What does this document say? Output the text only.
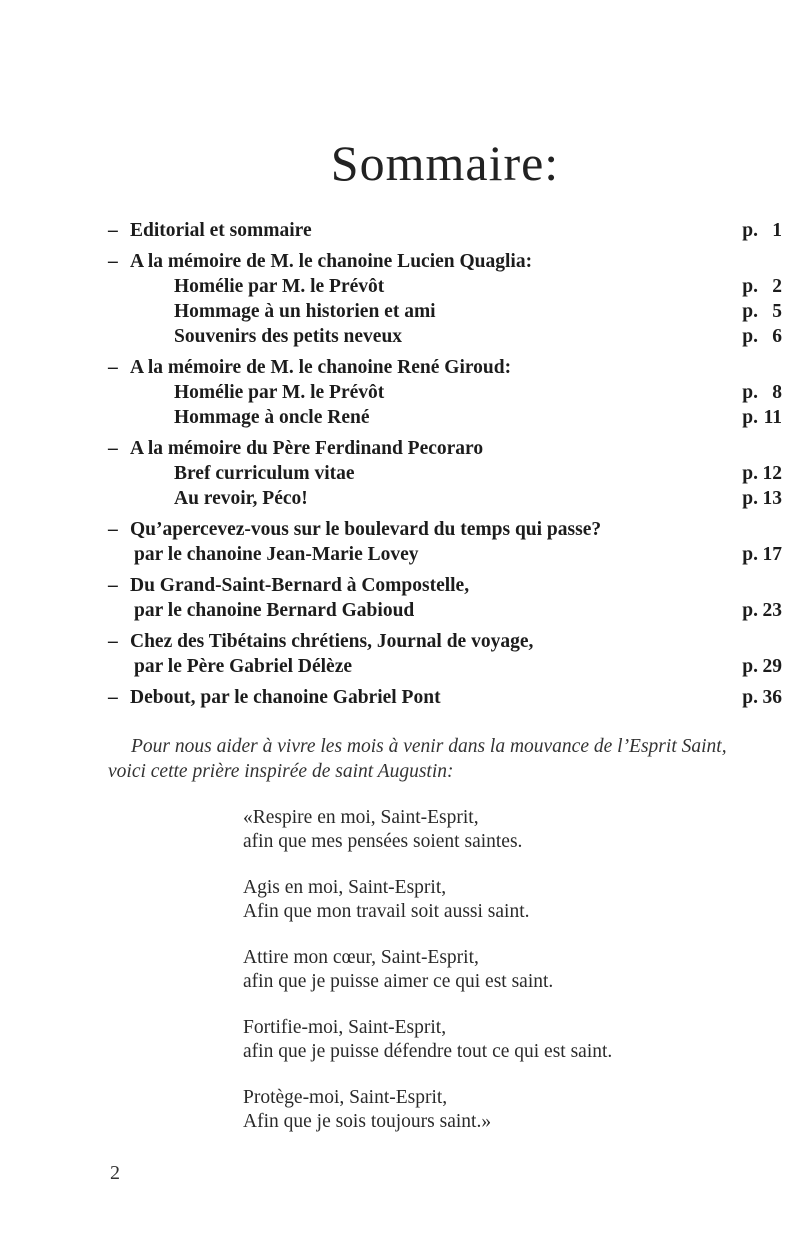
Sommaire:
– Editorial et sommaire	p. 1
– A la mémoire de M. le chanoine Lucien Quaglia:
Homélie par M. le Prévôt	p. 2
Hommage à un historien et ami	p. 5
Souvenirs des petits neveux	p. 6
– A la mémoire de M. le chanoine René Giroud:
Homélie par M. le Prévôt	p. 8
Hommage à oncle René	p. 11
– A la mémoire du Père Ferdinand Pecoraro
Bref curriculum vitae	p. 12
Au revoir, Péco!	p. 13
– Qu’apercevez-vous sur le boulevard du temps qui passe?
par le chanoine Jean-Marie Lovey	p. 17
– Du Grand-Saint-Bernard à Compostelle,
par le chanoine Bernard Gabioud	p. 23
– Chez des Tibétains chrétiens, Journal de voyage,
par le Père Gabriel Délèze	p. 29
– Debout, par le chanoine Gabriel Pont	p. 36
Pour nous aider à vivre les mois à venir dans la mouvance de l’Esprit Saint,
voici cette prière inspirée de saint Augustin:
«Respire en moi, Saint-Esprit,
afin que mes pensées soient saintes.
Agis en moi, Saint-Esprit,
Afin que mon travail soit aussi saint.
Attire mon cœur, Saint-Esprit,
afin que je puisse aimer ce qui est saint.
Fortifie-moi, Saint-Esprit,
afin que je puisse défendre tout ce qui est saint.
Protège-moi, Saint-Esprit,
Afin que je sois toujours saint.»
2
